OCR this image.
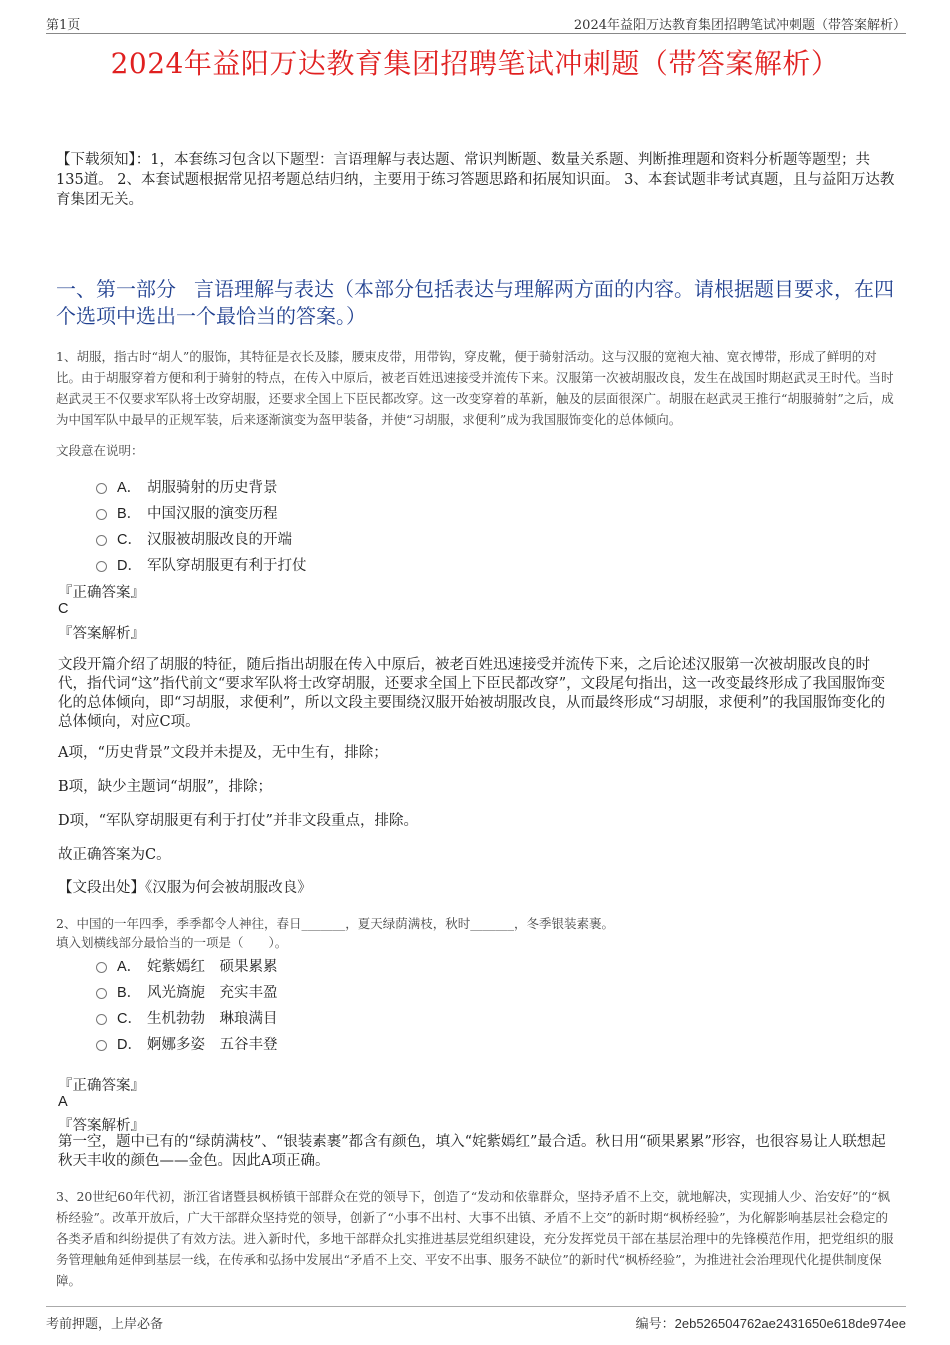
第1页	2024年益阳万达教育集团招聘笔试冲刺题（带答案解析）
2024年益阳万达教育集团招聘笔试冲刺题（带答案解析）
【下载须知】：1，本套练习包含以下题型：言语理解与表达题、常识判断题、数量关系题、判断推理题和资料分析题等题型；共135道。 2、本套试题根据常见招考题总结归纳，主要用于练习答题思路和拓展知识面。 3、本套试题非考试真题，且与益阳万达教育集团无关。
一、第一部分 言语理解与表达（本部分包括表达与理解两方面的内容。请根据题目要求，在四个选项中选出一个最恰当的答案。）
1、胡服，指古时“胡人”的服饰，其特征是衣长及膝，腰束皮带，用带钩，穿皮靴，便于骑射活动。这与汉服的宽袍大袖、宽衣博带，形成了鲜明的对比。由于胡服穿着方便和利于骑射的特点，在传入中原后，被老百姓迅速接受并流传下来。汉服第一次被胡服改良，发生在战国时期赵武灵王时代。当时赵武灵王不仅要求军队将士改穿胡服，还要求全国上下臣民都改穿。这一改变穿着的革新，触及的层面很深广。胡服在赵武灵王推行“胡服骑射”之后，成为中国军队中最早的正规军装，后来逐渐演变为盔甲装备，并使“习胡服，求便利”成为我国服饰变化的总体倾向。
文段意在说明：
A． 胡服骑射的历史背景
B． 中国汉服的演变历程
C． 汉服被胡服改良的开端
D． 军队穿胡服更有利于打仗
『正确答案』
C
『答案解析』
文段开篇介绍了胡服的特征，随后指出胡服在传入中原后，被老百姓迅速接受并流传下来，之后论述汉服第一次被胡服改良的时代，指代词“这”指代前文“要求军队将士改穿胡服，还要求全国上下臣民都改穿”，文段尾句指出，这一改变最终形成了我国服饰变化的总体倾向，即“习胡服，求便利”，所以文段主要围绕汉服开始被胡服改良，从而最终形成“习胡服，求便利”的我国服饰变化的总体倾向，对应C项。
A项，“历史背景”文段并未提及，无中生有，排除；
B项，缺少主题词“胡服”，排除；
D项，“军队穿胡服更有利于打仗”并非文段重点，排除。
故正确答案为C。
【文段出处】《汉服为何会被胡服改良》
2、中国的一年四季，季季都令人神往，春日_______，夏天绿荫满枝，秋时_______，冬季银装素裹。
填入划横线部分最恰当的一项是（　　）。
A． 姹紫嫣红　硕果累累
B． 风光旖旎　充实丰盈
C． 生机勃勃　琳琅满目
D． 婀娜多姿　五谷丰登
『正确答案』
A
『答案解析』
第一空，题中已有的“绿荫满枝”、“银装素裹”都含有颜色，填入“姹紫嫣红”最合适。秋日用“硕果累累”形容，也很容易让人联想起秋天丰收的颜色——金色。因此A项正确。
3、20世纪60年代初，浙江省诸暨县枫桥镇干部群众在党的领导下，创造了“发动和依靠群众，坚持矛盾不上交，就地解决，实现捕人少、治安好”的“枫桥经验”。改革开放后，广大干部群众坚持党的领导，创新了“小事不出村、大事不出镇、矛盾不上交”的新时期“枫桥经验”，为化解影响基层社会稳定的各类矛盾和纠纷提供了有效方法。进入新时代，多地干部群众扎实推进基层党组织建设，充分发挥党员干部在基层治理中的先锋模范作用，把党组织的服务管理触角延伸到基层一线，在传承和弘扬中发展出“矛盾不上交、平安不出事、服务不缺位”的新时代“枫桥经验”，为推进社会治理现代化提供制度保障。
考前押题，上岸必备	编号：2eb526504762ae2431650e618de974ee
